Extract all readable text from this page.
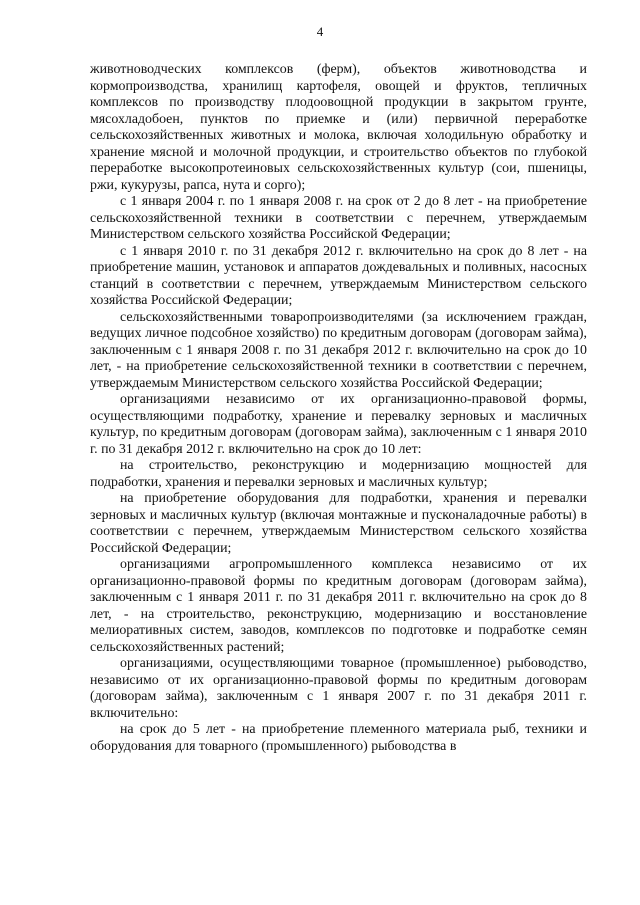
4

животноводческих комплексов (ферм), объектов животноводства и кормопроизводства, хранилищ картофеля, овощей и фруктов, тепличных комплексов по производству плодоовощной продукции в закрытом грунте, мясохладобоен, пунктов по приемке и (или) первичной переработке сельскохозяйственных животных и молока, включая холодильную обработку и хранение мясной и молочной продукции, и строительство объектов по глубокой переработке высокопротеиновых сельскохозяйственных культур (сои, пшеницы, ржи, кукурузы, рапса, нута и сорго);

с 1 января 2004 г. по 1 января 2008 г. на срок от 2 до 8 лет - на приобретение сельскохозяйственной техники в соответствии с перечнем, утверждаемым Министерством сельского хозяйства Российской Федерации;

с 1 января 2010 г. по 31 декабря 2012 г. включительно на срок до 8 лет - на приобретение машин, установок и аппаратов дождевальных и поливных, насосных станций в соответствии с перечнем, утверждаемым Министерством сельского хозяйства Российской Федерации;

сельскохозяйственными товаропроизводителями (за исключением граждан, ведущих личное подсобное хозяйство) по кредитным договорам (договорам займа), заключенным с 1 января 2008 г. по 31 декабря 2012 г. включительно на срок до 10 лет, - на приобретение сельскохозяйственной техники в соответствии с перечнем, утверждаемым Министерством сельского хозяйства Российской Федерации;

организациями независимо от их организационно-правовой формы, осуществляющими подработку, хранение и перевалку зерновых и масличных культур, по кредитным договорам (договорам займа), заключенным с 1 января 2010 г. по 31 декабря 2012 г. включительно на срок до 10 лет:

на строительство, реконструкцию и модернизацию мощностей для подработки, хранения и перевалки зерновых и масличных культур;

на приобретение оборудования для подработки, хранения и перевалки зерновых и масличных культур (включая монтажные и пусконаладочные работы) в соответствии с перечнем, утверждаемым Министерством сельского хозяйства Российской Федерации;

организациями агропромышленного комплекса независимо от их организационно-правовой формы по кредитным договорам (договорам займа), заключенным с 1 января 2011 г. по 31 декабря 2011 г. включительно на срок до 8 лет, - на строительство, реконструкцию, модернизацию и восстановление мелиоративных систем, заводов, комплексов по подготовке и подработке семян сельскохозяйственных растений;

организациями, осуществляющими товарное (промышленное) рыбоводство, независимо от их организационно-правовой формы по кредитным договорам (договорам займа), заключенным с 1 января 2007 г. по 31 декабря 2011 г. включительно:

на срок до 5 лет - на приобретение племенного материала рыб, техники и оборудования для товарного (промышленного) рыбоводства в
